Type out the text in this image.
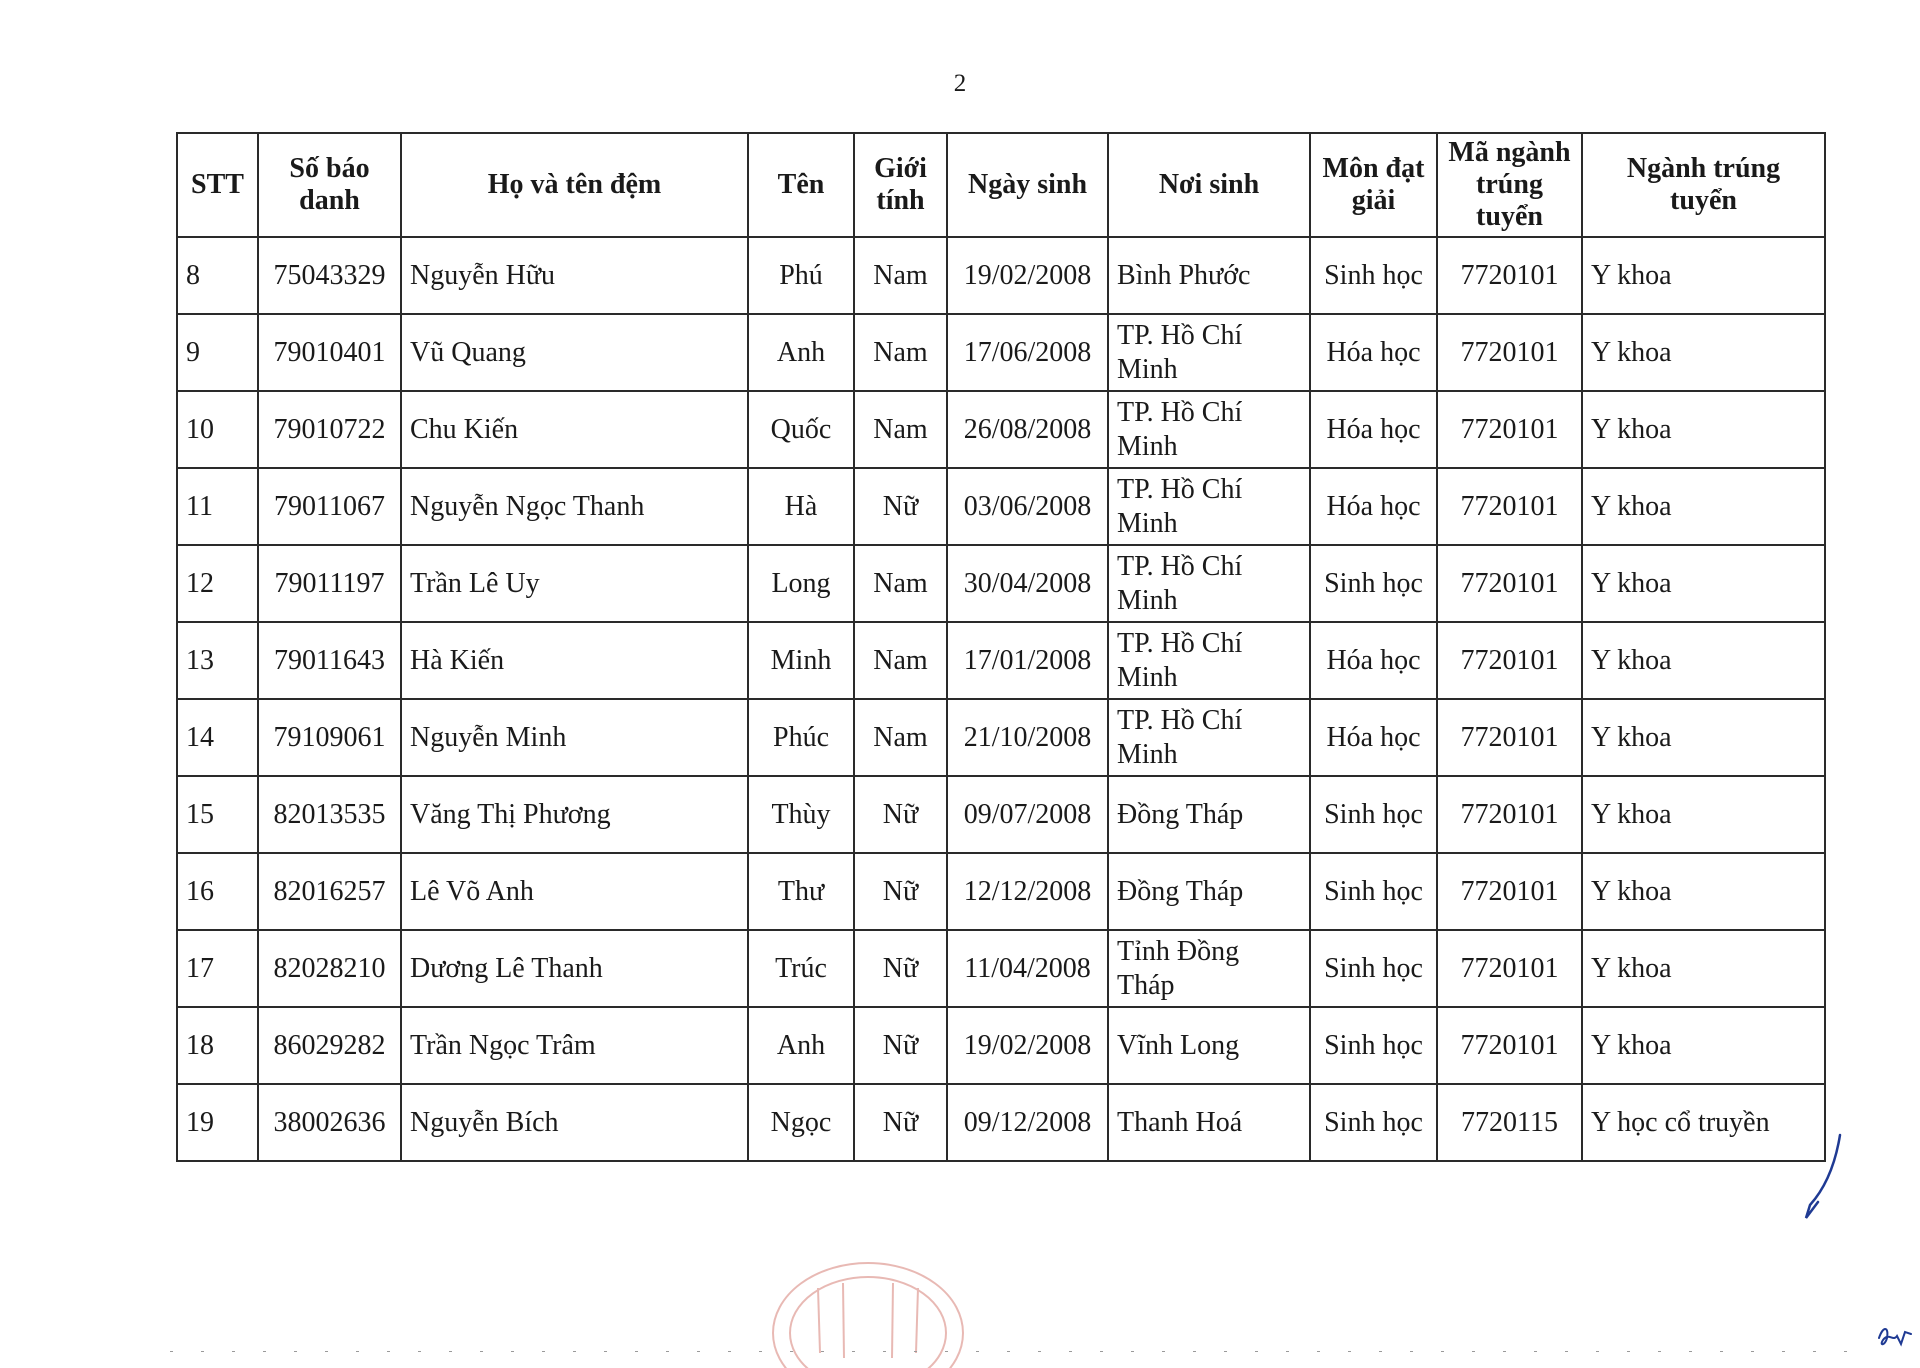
2
STT	Số báo danh	Họ và tên đệm	Tên	Giới tính	Ngày sinh	Nơi sinh	Môn đạt giải	Mã ngành trúng tuyển	Ngành trúng tuyển
8	75043329	Nguyễn Hữu	Phú	Nam	19/02/2008	Bình Phước	Sinh học	7720101	Y khoa
9	79010401	Vũ Quang	Anh	Nam	17/06/2008	TP. Hồ Chí Minh	Hóa học	7720101	Y khoa
10	79010722	Chu Kiến	Quốc	Nam	26/08/2008	TP. Hồ Chí Minh	Hóa học	7720101	Y khoa
11	79011067	Nguyễn Ngọc Thanh	Hà	Nữ	03/06/2008	TP. Hồ Chí Minh	Hóa học	7720101	Y khoa
12	79011197	Trần Lê Uy	Long	Nam	30/04/2008	TP. Hồ Chí Minh	Sinh học	7720101	Y khoa
13	79011643	Hà Kiến	Minh	Nam	17/01/2008	TP. Hồ Chí Minh	Hóa học	7720101	Y khoa
14	79109061	Nguyễn Minh	Phúc	Nam	21/10/2008	TP. Hồ Chí Minh	Hóa học	7720101	Y khoa
15	82013535	Văng Thị Phương	Thùy	Nữ	09/07/2008	Đồng Tháp	Sinh học	7720101	Y khoa
16	82016257	Lê Võ Anh	Thư	Nữ	12/12/2008	Đồng Tháp	Sinh học	7720101	Y khoa
17	82028210	Dương Lê Thanh	Trúc	Nữ	11/04/2008	Tỉnh Đồng Tháp	Sinh học	7720101	Y khoa
18	86029282	Trần Ngọc Trâm	Anh	Nữ	19/02/2008	Vĩnh Long	Sinh học	7720101	Y khoa
19	38002636	Nguyễn Bích	Ngọc	Nữ	09/12/2008	Thanh Hoá	Sinh học	7720115	Y học cổ truyền
